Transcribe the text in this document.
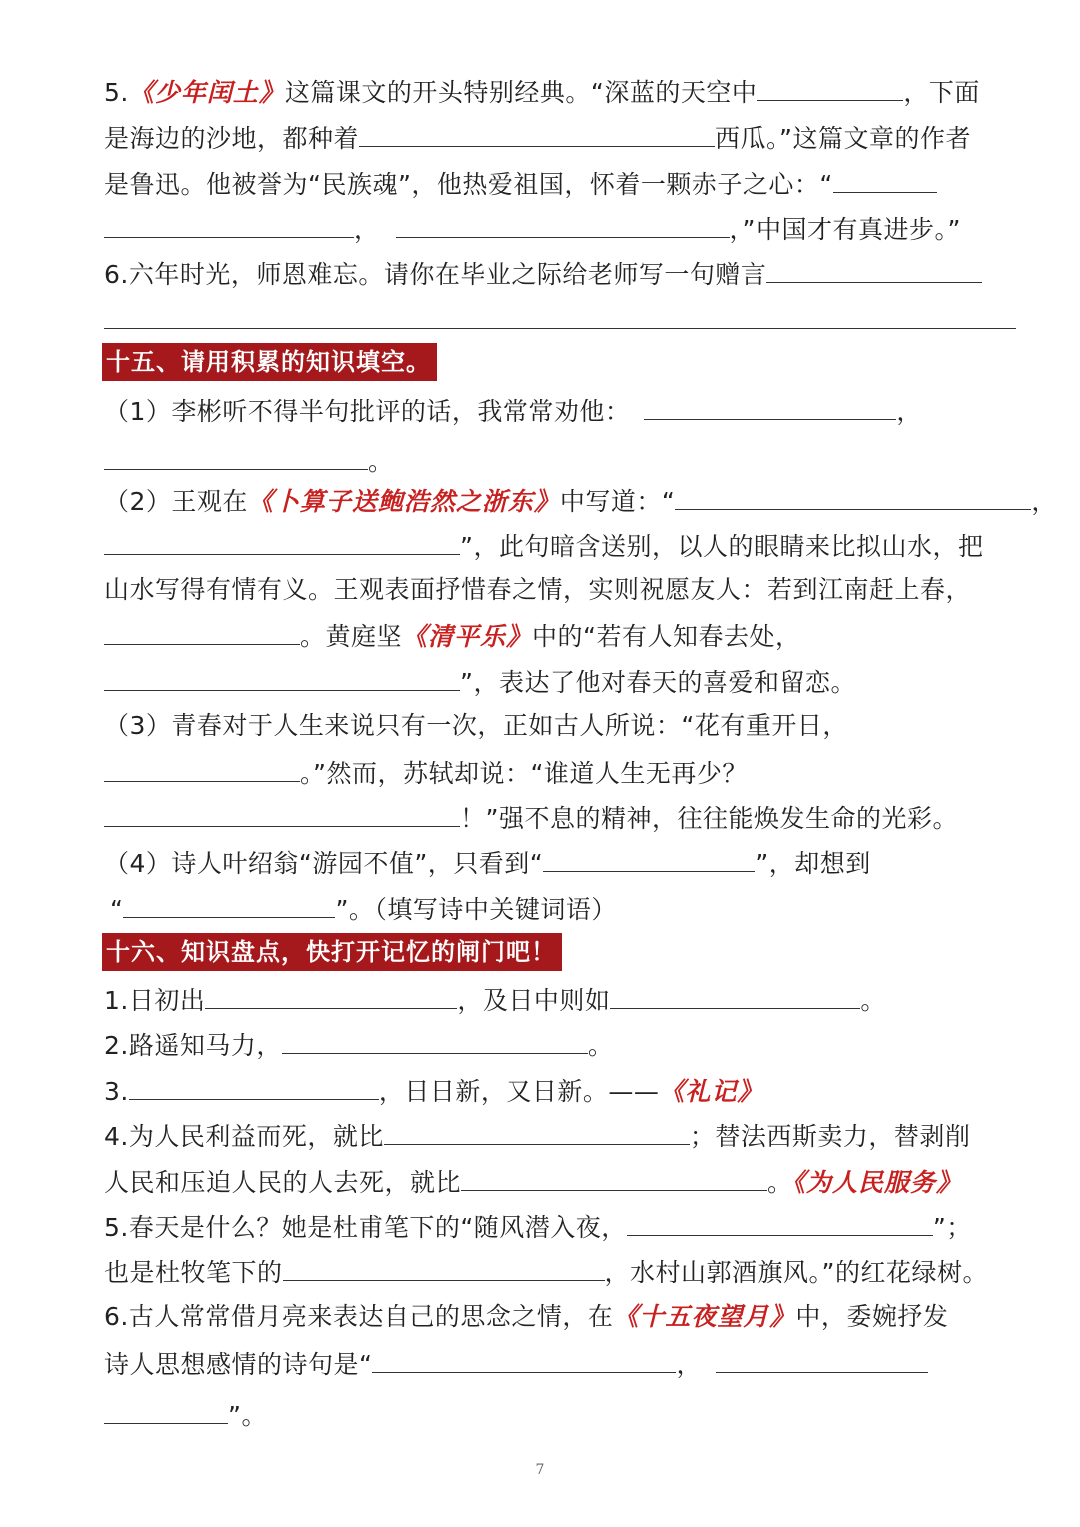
5.《少年闰土》这篇课文的开头特别经典。“深蓝的天空中	，下面
是海边的沙地，都种着	西瓜。”这篇文章的作者
是鲁迅。他被誉为“民族魂”，他热爱祖国，怀着一颗赤子之心：“
，	，”中国才有真进步。”
6.六年时光，师恩难忘。请你在毕业之际给老师写一句赠言
十五、请用积累的知识填空。
（1）李彬听不得半句批评的话，我常常劝他：	，
。
（2）王观在《卜算子送鲍浩然之浙东》中写道：“	，
”，此句暗含送别，以人的眼睛来比拟山水，把
山水写得有情有义。王观表面抒惜春之情，实则祝愿友人：若到江南赶上春，
。黄庭坚《清平乐》中的“若有人知春去处，
”，表达了他对春天的喜爱和留恋。
（3）青春对于人生来说只有一次，正如古人所说：“花有重开日，
。”然而，苏轼却说：“谁道人生无再少？
！”强不息的精神，往往能焕发生命的光彩。
（4）诗人叶绍翁“游园不值”，只看到“	”，却想到
“	”。（填写诗中关键词语）
十六、知识盘点，快打开记忆的闸门吧！
1.日初出	，及日中则如	。
2.路遥知马力，	。
3.	，日日新，又日新。——《礼记》
4.为人民利益而死，就比	；替法西斯卖力，替剥削
人民和压迫人民的人去死，就比	。《为人民服务》
5.春天是什么？她是杜甫笔下的“随风潜入夜，	”；
也是杜牧笔下的	，水村山郭酒旗风。”的红花绿树。
6.古人常常借月亮来表达自己的思念之情，在《十五夜望月》中，委婉抒发
诗人思想感情的诗句是“	，
”。
7
